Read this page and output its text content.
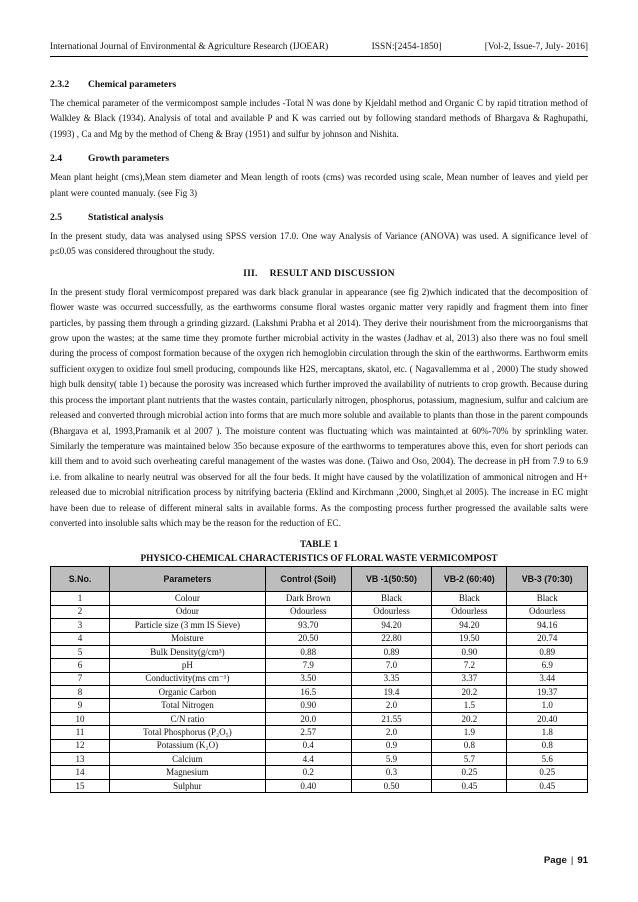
International Journal of Environmental & Agriculture Research (IJOEAR)	ISSN:[2454-1850]	[Vol-2, Issue-7, July- 2016]
2.3.2 Chemical parameters

The chemical parameter of the vermicompost sample includes -Total N was done by Kjeldahl method and Organic C by rapid titration method of Walkley & Black (1934). Analysis of total and available P and K was carried out by following standard methods of Bhargava & Raghupathi, (1993) , Ca and Mg by the method of Cheng & Bray (1951) and sulfur by johnson and Nishita.

2.4	Growth parameters

Mean plant height (cms),Mean stem diameter and Mean length of roots (cms) was recorded using scale, Mean number of leaves and yield per plant were counted manualy. (see Fig 3)

2.5	Statistical analysis

In the present study, data was analysed using SPSS version 17.0. One way Analysis of Variance (ANOVA) was used. A significance level of p≤0.05 was considered throughout the study.

III. RESULT AND DISCUSSION

In the present study floral vermicompost prepared was dark black granular in appearance (see fig 2)which indicated that the decomposition of flower waste was occurred successfully, as the earthworms consume floral wastes organic matter very rapidly and fragment them into finer particles, by passing them through a grinding gizzard. (Lakshmi Prabha et al 2014). They derive their nourishment from the microorganisms that grow upon the wastes; at the same time they promote further microbial activity in the wastes (Jadhav et al, 2013) also there was no foul smell during the process of compost formation because of the oxygen rich hemoglobin circulation through the skin of the earthworms. Earthworm emits sufficient oxygen to oxidize foul smell producing, compounds like H2S, mercaptans, skatol, etc. ( Nagavallemma et al , 2000) The study showed high bulk density( table 1) because the porosity was increased which further improved the availability of nutrients to crop growth. Because during this process the important plant nutrients that the wastes contain, particularly nitrogen, phosphorus, potassium, magnesium, sulfur and calcium are released and converted through microbial action into forms that are much more soluble and available to plants than those in the parent compounds (Bhargava et al, 1993,Pramanik et al 2007 ). The moisture content was fluctuating which was maintainted at 60%-70% by sprinkling water. Similarly the temperature was maintained below 35o because exposure of the earthworms to temperatures above this, even for short periods can kill them and to avoid such overheating careful management of the wastes was done. (Taiwo and Oso, 2004). The decrease in pH from 7.9 to 6.9 i.e. from alkaline to nearly neutral was observed for all the four beds. It might have caused by the volatilization of ammonical nitrogen and H+ released due to microbial nitrification process by nitrifying bacteria (Eklind and Kirchmann ,2000, Singh,et al 2005). The increase in EC might have been due to release of different mineral salts in available forms. As the composting process further progressed the available salts were converted into insoluble salts which may be the reason for the reduction of EC.

TABLE 1
PHYSICO-CHEMICAL CHARACTERISTICS OF FLORAL WASTE VERMICOMPOST
S.No.	Parameters	Control (Soil)	VB -1(50:50)	VB-2 (60:40)	VB-3 (70:30)
1	Colour	Dark Brown	Black	Black	Black
2	Odour	Odourless	Odourless	Odourless	Odourless
3	Particle size (3 mm IS Sieve)	93.70	94.20	94.20	94.16
4	Moisture	20.50	22.80	19.50	20.74
5	Bulk Density(g/cm³)	0.88	0.89	0.90	0.89
6	pH	7.9	7.0	7.2	6.9
7	Conductivity(ms cm⁻¹)	3.50	3.35	3.37	3.44
8	Organic Carbon	16.5	19.4	20.2	19.37
9	Total Nitrogen	0.90	2.0	1.5	1.0
10	C/N ratio	20.0	21.55	20.2	20.40
11	Total Phosphorus (P₂O₅)	2.57	2.0	1.9	1.8
12	Potassium (K₂O)	0.4	0.9	0.8	0.8
13	Calcium	4.4	5.9	5.7	5.6
14	Magnesium	0.2	0.3	0.25	0.25
15	Sulphur	0.40	0.50	0.45	0.45
Page | 91
